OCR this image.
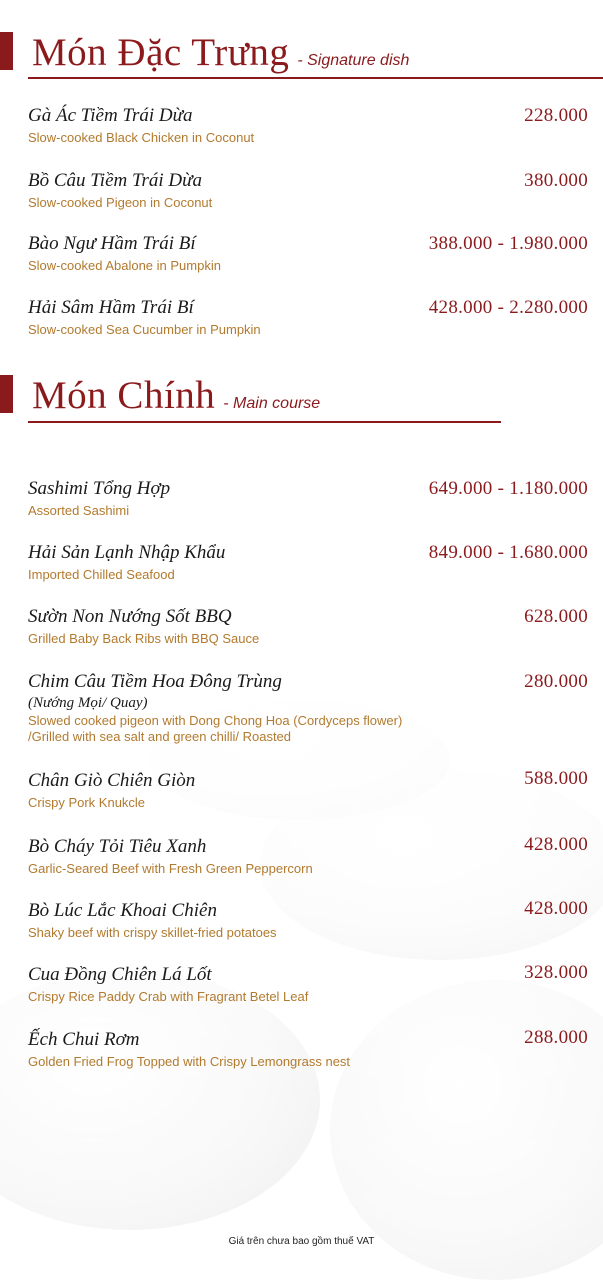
Món Đặc Trưng - Signature dish
Gà Ác Tiềm Trái Dừa
Slow-cooked Black Chicken in Coconut
228.000
Bồ Câu Tiềm Trái Dừa
Slow-cooked Pigeon in Coconut
380.000
Bào Ngư Hầm Trái Bí
Slow-cooked Abalone in Pumpkin
388.000 - 1.980.000
Hải Sâm Hầm Trái Bí
Slow-cooked Sea Cucumber in Pumpkin
428.000 - 2.280.000
Món Chính - Main course
Sashimi Tổng Hợp
Assorted Sashimi
649.000 - 1.180.000
Hải Sản Lạnh Nhập Khẩu
Imported Chilled Seafood
849.000 - 1.680.000
Sườn Non Nướng Sốt BBQ
Grilled Baby Back Ribs with BBQ Sauce
628.000
Chim Câu Tiềm Hoa Đông Trùng
(Nướng Mọi/ Quay)
Slowed cooked pigeon with Dong Chong Hoa (Cordyceps flower)
/Grilled with sea salt and green chilli/ Roasted
280.000
Chân Giò Chiên Giòn
Crispy Pork Knukcle
588.000
Bò Cháy Tỏi Tiêu Xanh
Garlic-Seared Beef with Fresh Green Peppercorn
428.000
Bò Lúc Lắc Khoai Chiên
Shaky beef with crispy skillet-fried potatoes
428.000
Cua Đồng Chiên Lá Lốt
Crispy Rice Paddy Crab with Fragrant Betel Leaf
328.000
Ếch Chui Rơm
Golden Fried Frog Topped with Crispy Lemongrass nest
288.000
Giá trên chưa bao gồm thuế VAT
